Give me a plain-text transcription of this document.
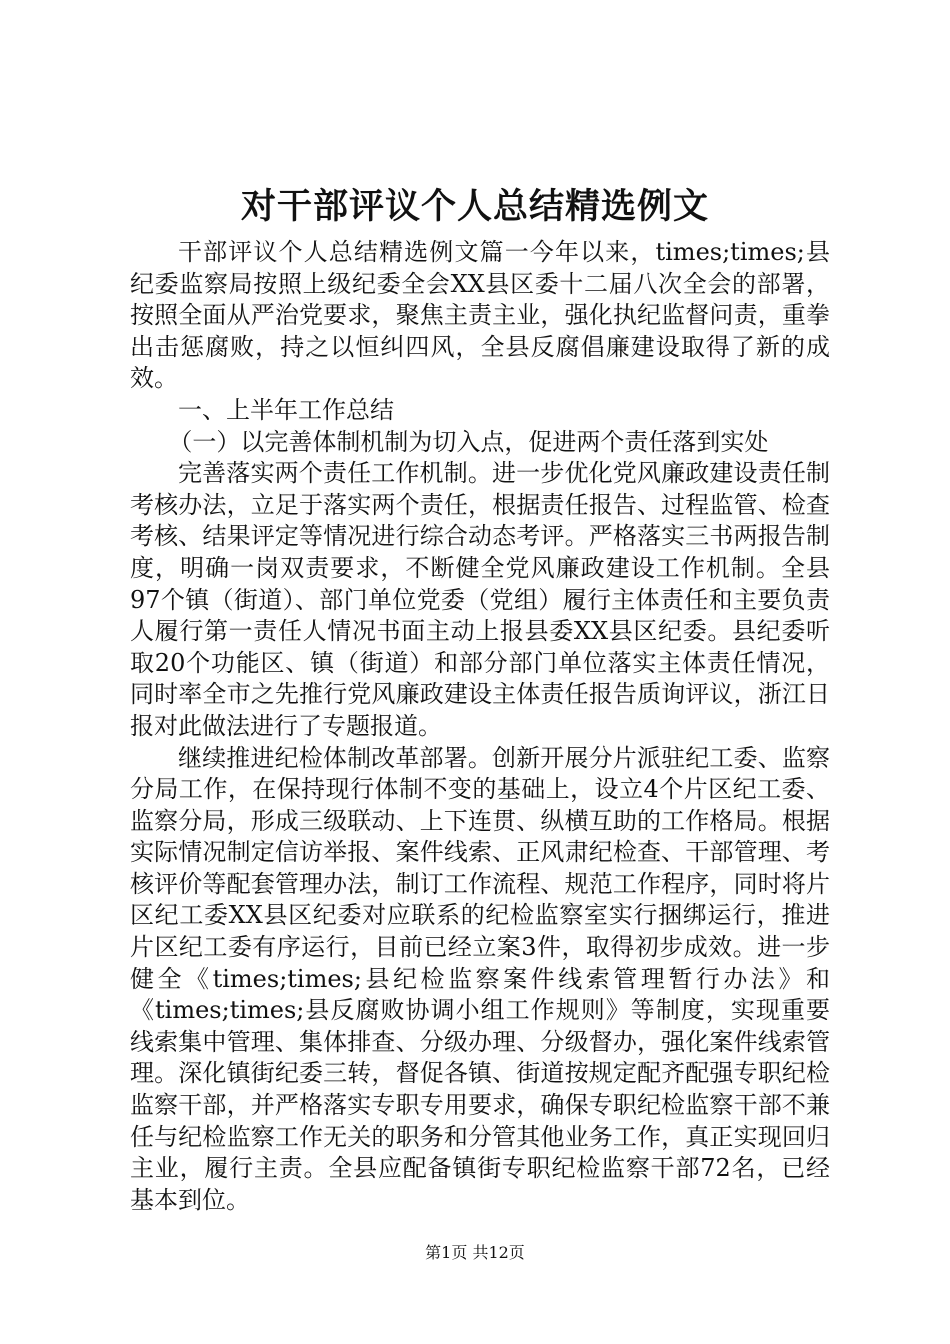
对干部评议个人总结精选例文

干部评议个人总结精选例文篇一今年以来，times;times;县纪委监察局按照上级纪委全会XX县区委十二届八次全会的部署，按照全面从严治党要求，聚焦主责主业，强化执纪监督问责，重拳出击惩腐败，持之以恒纠四风，全县反腐倡廉建设取得了新的成效。

一、上半年工作总结

（一）以完善体制机制为切入点，促进两个责任落到实处

完善落实两个责任工作机制。进一步优化党风廉政建设责任制考核办法，立足于落实两个责任，根据责任报告、过程监管、检查考核、结果评定等情况进行综合动态考评。严格落实三书两报告制度，明确一岗双责要求，不断健全党风廉政建设工作机制。全县97个镇（街道）、部门单位党委（党组）履行主体责任和主要负责人履行第一责任人情况书面主动上报县委XX县区纪委。县纪委听取20个功能区、镇（街道）和部分部门单位落实主体责任情况，同时率全市之先推行党风廉政建设主体责任报告质询评议，浙江日报对此做法进行了专题报道。

继续推进纪检体制改革部署。创新开展分片派驻纪工委、监察分局工作，在保持现行体制不变的基础上，设立4个片区纪工委、监察分局，形成三级联动、上下连贯、纵横互助的工作格局。根据实际情况制定信访举报、案件线索、正风肃纪检查、干部管理、考核评价等配套管理办法，制订工作流程、规范工作程序，同时将片区纪工委XX县区纪委对应联系的纪检监察室实行捆绑运行，推进片区纪工委有序运行，目前已经立案3件，取得初步成效。进一步健全《times;times;县纪检监察案件线索管理暂行办法》和《times;times;县反腐败协调小组工作规则》等制度，实现重要线索集中管理、集体排查、分级办理、分级督办，强化案件线索管理。深化镇街纪委三转，督促各镇、街道按规定配齐配强专职纪检监察干部，并严格落实专职专用要求，确保专职纪检监察干部不兼任与纪检监察工作无关的职务和分管其他业务工作，真正实现回归主业，履行主责。全县应配备镇街专职纪检监察干部72名，已经基本到位。

第1页 共12页
